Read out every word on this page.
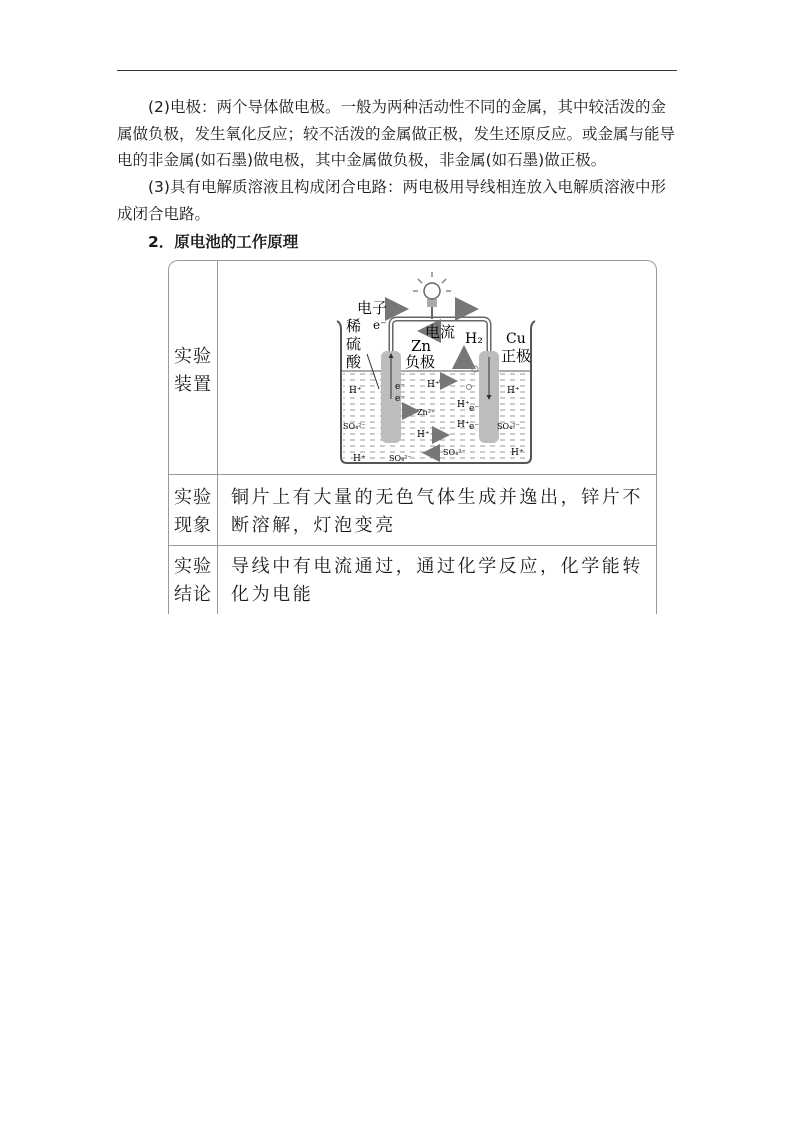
(2)电极：两个导体做电极。一般为两种活动性不同的金属，其中较活泼的金属做负极，发生氧化反应；较不活泼的金属做正极，发生还原反应。或金属与能导电的非金属(如石墨)做电极，其中金属做负极，非金属(如石墨)做正极。
(3)具有电解质溶液且构成闭合电路：两电极用导线相连放入电解质溶液中形成闭合电路。
2．原电池的工作原理
实验
装置
电子
e⁻
稀
硫
酸
电流
Zn
负极
H₂ Cu
正极
H⁺
H⁺
H⁺
H⁺
H⁺
H⁺
H⁺
H⁺
e⁻
e⁻
e⁻
e⁻
Zn²⁺
SO₄²⁻	SO₄²⁻
SO₄²⁻
SO₄²⁻
实验
现象
铜片上有大量的无色气体生成并逸出，锌片不断溶解，灯泡变亮
实验
结论
导线中有电流通过，通过化学反应，化学能转化为电能
